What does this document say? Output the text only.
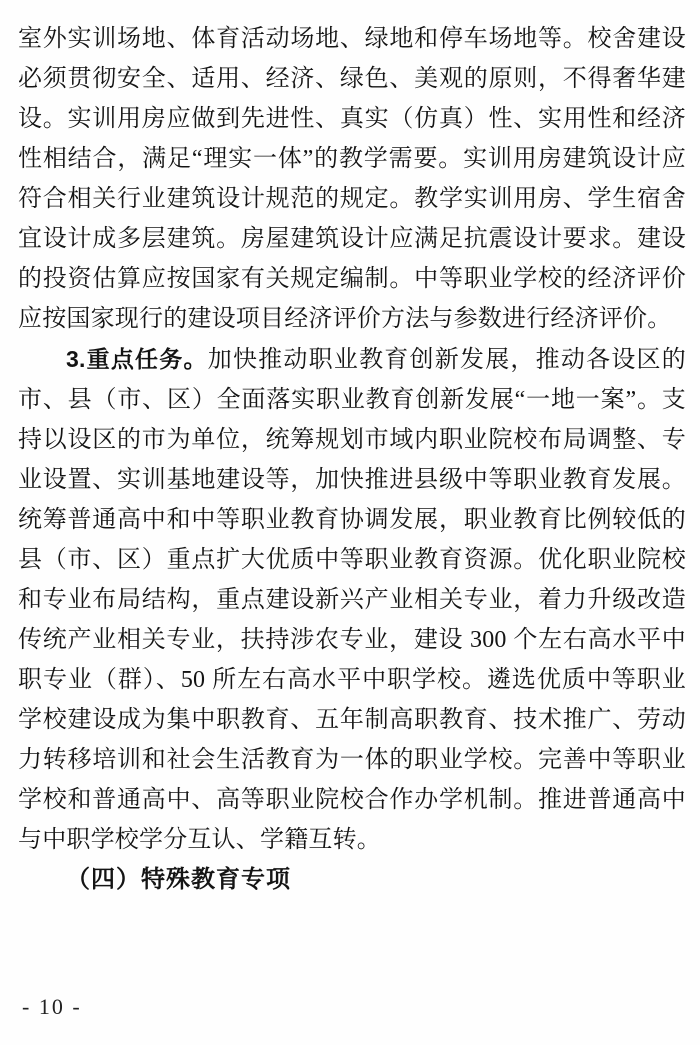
室外实训场地、体育活动场地、绿地和停车场地等。校舍建设必须贯彻安全、适用、经济、绿色、美观的原则，不得奢华建设。实训用房应做到先进性、真实（仿真）性、实用性和经济性相结合，满足“理实一体”的教学需要。实训用房建筑设计应符合相关行业建筑设计规范的规定。教学实训用房、学生宿舍宜设计成多层建筑。房屋建筑设计应满足抗震设计要求。建设的投资估算应按国家有关规定编制。中等职业学校的经济评价应按国家现行的建设项目经济评价方法与参数进行经济评价。

3.重点任务。加快推动职业教育创新发展，推动各设区的市、县（市、区）全面落实职业教育创新发展“一地一案”。支持以设区的市为单位，统筹规划市域内职业院校布局调整、专业设置、实训基地建设等，加快推进县级中等职业教育发展。统筹普通高中和中等职业教育协调发展，职业教育比例较低的县（市、区）重点扩大优质中等职业教育资源。优化职业院校和专业布局结构，重点建设新兴产业相关专业，着力升级改造传统产业相关专业，扶持涉农专业，建设 300 个左右高水平中职专业（群）、50 所左右高水平中职学校。遴选优质中等职业学校建设成为集中职教育、五年制高职教育、技术推广、劳动力转移培训和社会生活教育为一体的职业学校。完善中等职业学校和普通高中、高等职业院校合作办学机制。推进普通高中与中职学校学分互认、学籍互转。

（四）特殊教育专项

- 10 -
